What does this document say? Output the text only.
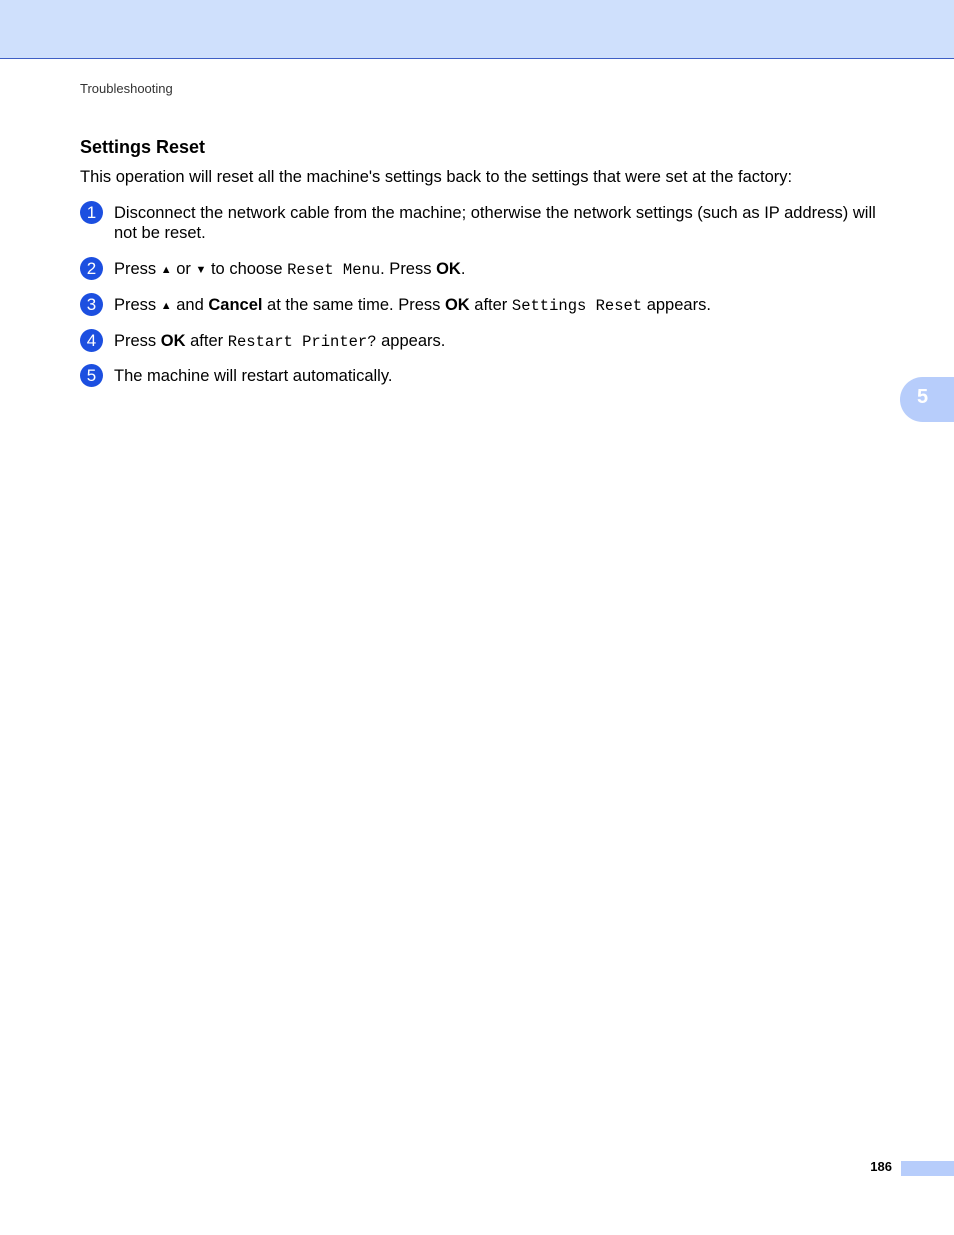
Troubleshooting
Settings Reset

This operation will reset all the machine's settings back to the settings that were set at the factory:

1	Disconnect the network cable from the machine; otherwise the network settings (such as IP address) will not be reset.

2	Press ▲ or ▼ to choose Reset Menu. Press OK.

3	Press ▲ and Cancel at the same time. Press OK after Settings Reset appears.

4	Press OK after Restart Printer? appears.

5	The machine will restart automatically.

5
186
